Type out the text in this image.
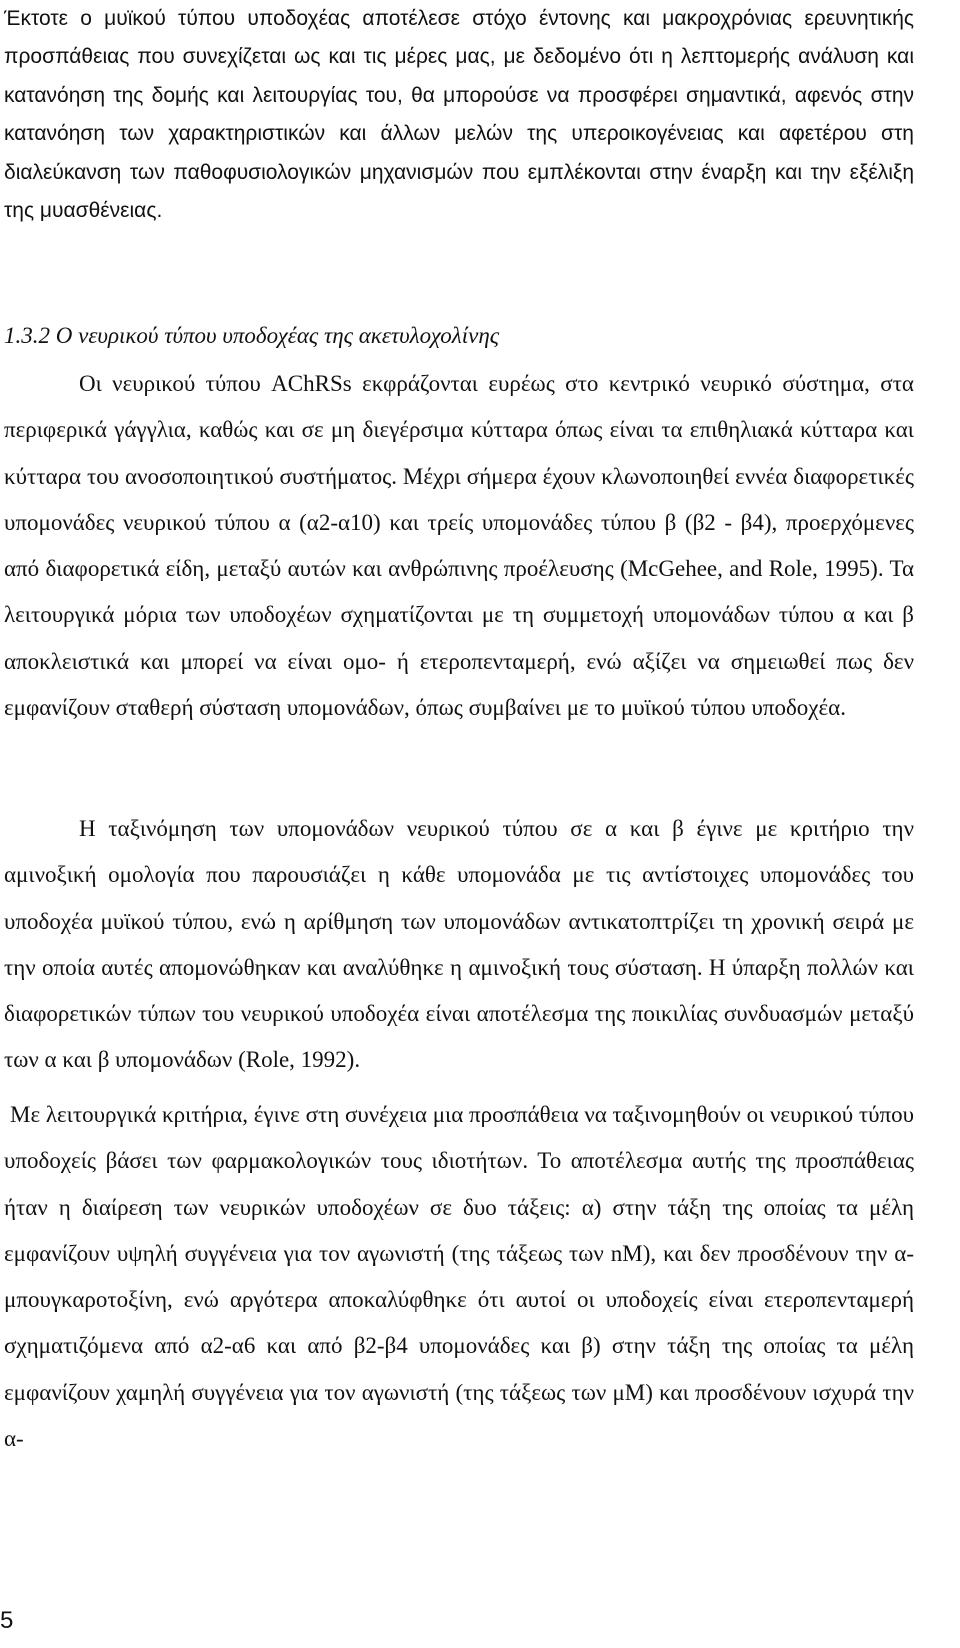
Έκτοτε ο μυϊκού τύπου υποδοχέας αποτέλεσε στόχο έντονης και μακροχρόνιας ερευνητικής προσπάθειας που συνεχίζεται ως και τις μέρες μας, με δεδομένο ότι η λεπτομερής ανάλυση και κατανόηση της δομής και λειτουργίας του, θα μπορούσε να προσφέρει σημαντικά, αφενός στην κατανόηση των χαρακτηριστικών και άλλων μελών της υπεροικογένειας και αφετέρου στη διαλεύκανση των παθοφυσιολογικών μηχανισμών που εμπλέκονται στην έναρξη και την εξέλιξη της μυασθένειας.

1.3.2 Ο νευρικού τύπου υποδοχέας της ακετυλοχολίνης

Οι νευρικού τύπου AChRSs εκφράζονται ευρέως στο κεντρικό νευρικό σύστημα, στα περιφερικά γάγγλια, καθώς και σε μη διεγέρσιμα κύτταρα όπως είναι τα επιθηλιακά κύτταρα και κύτταρα του ανοσοποιητικού συστήματος. Μέχρι σήμερα έχουν κλωνοποιηθεί εννέα διαφορετικές υπομονάδες νευρικού τύπου α (α2-α10) και τρείς υπομονάδες τύπου β (β2 - β4), προερχόμενες από διαφορετικά είδη, μεταξύ αυτών και ανθρώπινης προέλευσης (McGehee, and Role, 1995). Τα λειτουργικά μόρια των υποδοχέων σχηματίζονται με τη συμμετοχή υπομονάδων τύπου α και β αποκλειστικά και μπορεί να είναι ομο- ή ετεροπενταμερή, ενώ αξίζει να σημειωθεί πως δεν εμφανίζουν σταθερή σύσταση υπομονάδων, όπως συμβαίνει με το μυϊκού τύπου υποδοχέα.

Η ταξινόμηση των υπομονάδων νευρικού τύπου σε α και β έγινε με κριτήριο την αμινοξική ομολογία που παρουσιάζει η κάθε υπομονάδα με τις αντίστοιχες υπομονάδες του υποδοχέα μυϊκού τύπου, ενώ η αρίθμηση των υπομονάδων αντικατοπτρίζει τη χρονική σειρά με την οποία αυτές απομονώθηκαν και αναλύθηκε η αμινοξική τους σύσταση. Η ύπαρξη πολλών και διαφορετικών τύπων του νευρικού υποδοχέα είναι αποτέλεσμα της ποικιλίας συνδυασμών μεταξύ των α και β υπομονάδων (Role, 1992).

Με λειτουργικά κριτήρια, έγινε στη συνέχεια μια προσπάθεια να ταξινομηθούν οι νευρικού τύπου υποδοχείς βάσει των φαρμακολογικών τους ιδιοτήτων. Το αποτέλεσμα αυτής της προσπάθειας ήταν η διαίρεση των νευρικών υποδοχέων σε δυο τάξεις: α) στην τάξη της οποίας τα μέλη εμφανίζουν υψηλή συγγένεια για τον αγωνιστή (της τάξεως των nM), και δεν προσδένουν την α-μπουγκαροτοξίνη, ενώ αργότερα αποκαλύφθηκε ότι αυτοί οι υποδοχείς είναι ετεροπενταμερή σχηματιζόμενα από α2-α6 και από β2-β4 υπομονάδες και β) στην τάξη της οποίας τα μέλη εμφανίζουν χαμηλή συγγένεια για τον αγωνιστή (της τάξεως των μM) και προσδένουν ισχυρά την α-

5
